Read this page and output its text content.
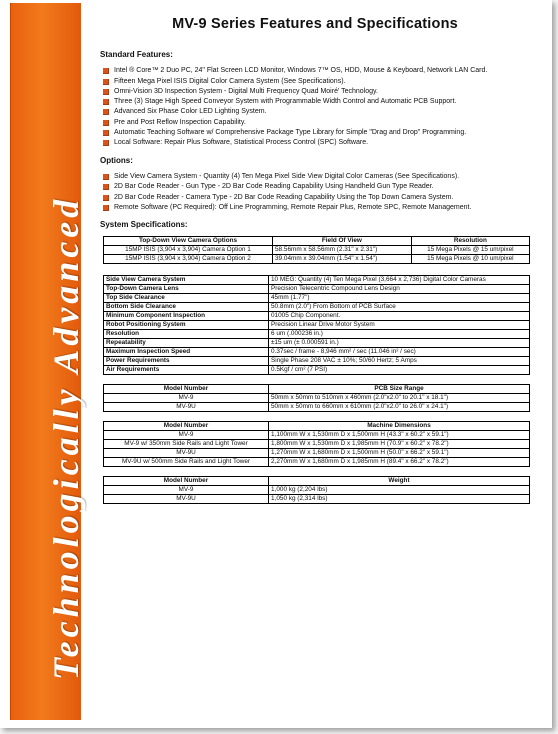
Technologically Advanced
MV-9 Series Features and Specifications
Standard Features:
Intel ® Core™ 2 Duo PC, 24" Flat Screen LCD Monitor, Windows 7™ OS, HDD, Mouse & Keyboard, Network LAN Card.
Fifteen Mega Pixel ISIS Digital Color Camera System (See Specifications).
Omni-Vision 3D Inspection System - Digital Multi Frequency Quad Moiré' Technology.
Three (3) Stage High Speed Conveyor System with Programmable Width Control and Automatic PCB Support.
Advanced Six Phase Color LED Lighting System.
Pre and Post Reflow Inspection Capability.
Automatic Teaching Software w/ Comprehensive Package Type Library for Simple "Drag and Drop" Programming.
Local Software: Repair Plus Software, Statistical Process Control (SPC) Software.
Options:
Side View Camera System - Quantity (4) Ten Mega Pixel Side View Digital Color Cameras (See Specifications).
2D Bar Code Reader - Gun Type - 2D Bar Code Reading Capability Using Handheld Gun Type Reader.
2D Bar Code Reader - Camera Type - 2D Bar Code Reading Capability Using the Top Down Camera System.
Remote Software (PC Required): Off Line Programming, Remote Repair Plus, Remote SPC, Remote Management.
System Specifications:
Top-Down View Camera Options	Field Of View	Resolution
15MP ISIS (3,904 x 3,904) Camera Option 1	58.56mm x 58.56mm (2.31" x 2.31")	15 Mega Pixels @ 15 um/pixel
15MP ISIS (3,904 x 3,904) Camera Option 2	39.04mm x 39.04mm (1.54" x 1.54")	15 Mega Pixels @ 10 um/pixel
Side View Camera System	10 MEG: Quantity (4) Ten Mega Pixel (3,664 x 2,736) Digital Color Cameras
Top-Down Camera Lens	Precision Telecentric Compound Lens Design
Top Side Clearance	45mm (1.77")
Bottom Side Clearance	50.8mm (2.0") From Bottom of PCB Surface
Minimum Component Inspection	01005 Chip Component.
Robot Positioning System	Precision Linear Drive Motor System
Resolution	6 um (.000236 in.)
Repeatability	±15 um (± 0.000591 in.)
Maximum Inspection Speed	0.37sec / frame - 8,946 mm² / sec (11.046 in² / sec)
Power Requirements	Single Phase 208 VAC ± 10%; 50/60 Hertz; 5 Amps
Air Requirements	0.5Kgf / cm² (7 PSI)
Model Number	PCB Size Range
MV-9	50mm x 50mm to 510mm x 460mm (2.0"x2.0" to 20.1" x 18.1")
MV-9U	50mm x 50mm to 660mm x 610mm (2.0"x2.0" to 26.0" x 24.1")
Model Number	Machine Dimensions
MV-9	1,100mm W x 1,530mm D x 1,500mm H (43.3" x 60.2" x 59.1")
MV-9 w/ 350mm Side Rails and Light Tower	1,800mm W x 1,530mm D x 1,985mm H (70.9" x 60.2" x 78.2")
MV-9U	1,270mm W x 1,680mm D x 1,500mm H (50.0" x 66.2" x 59.1")
MV-9U w/ 500mm Side Rails and Light Tower	2,270mm W x 1,680mm D x 1,985mm H (89.4" x 66.2" x 78.2")
Model Number	Weight
MV-9	1,000 kg (2,204 lbs)
MV-9U	1,050 kg (2,314 lbs)
